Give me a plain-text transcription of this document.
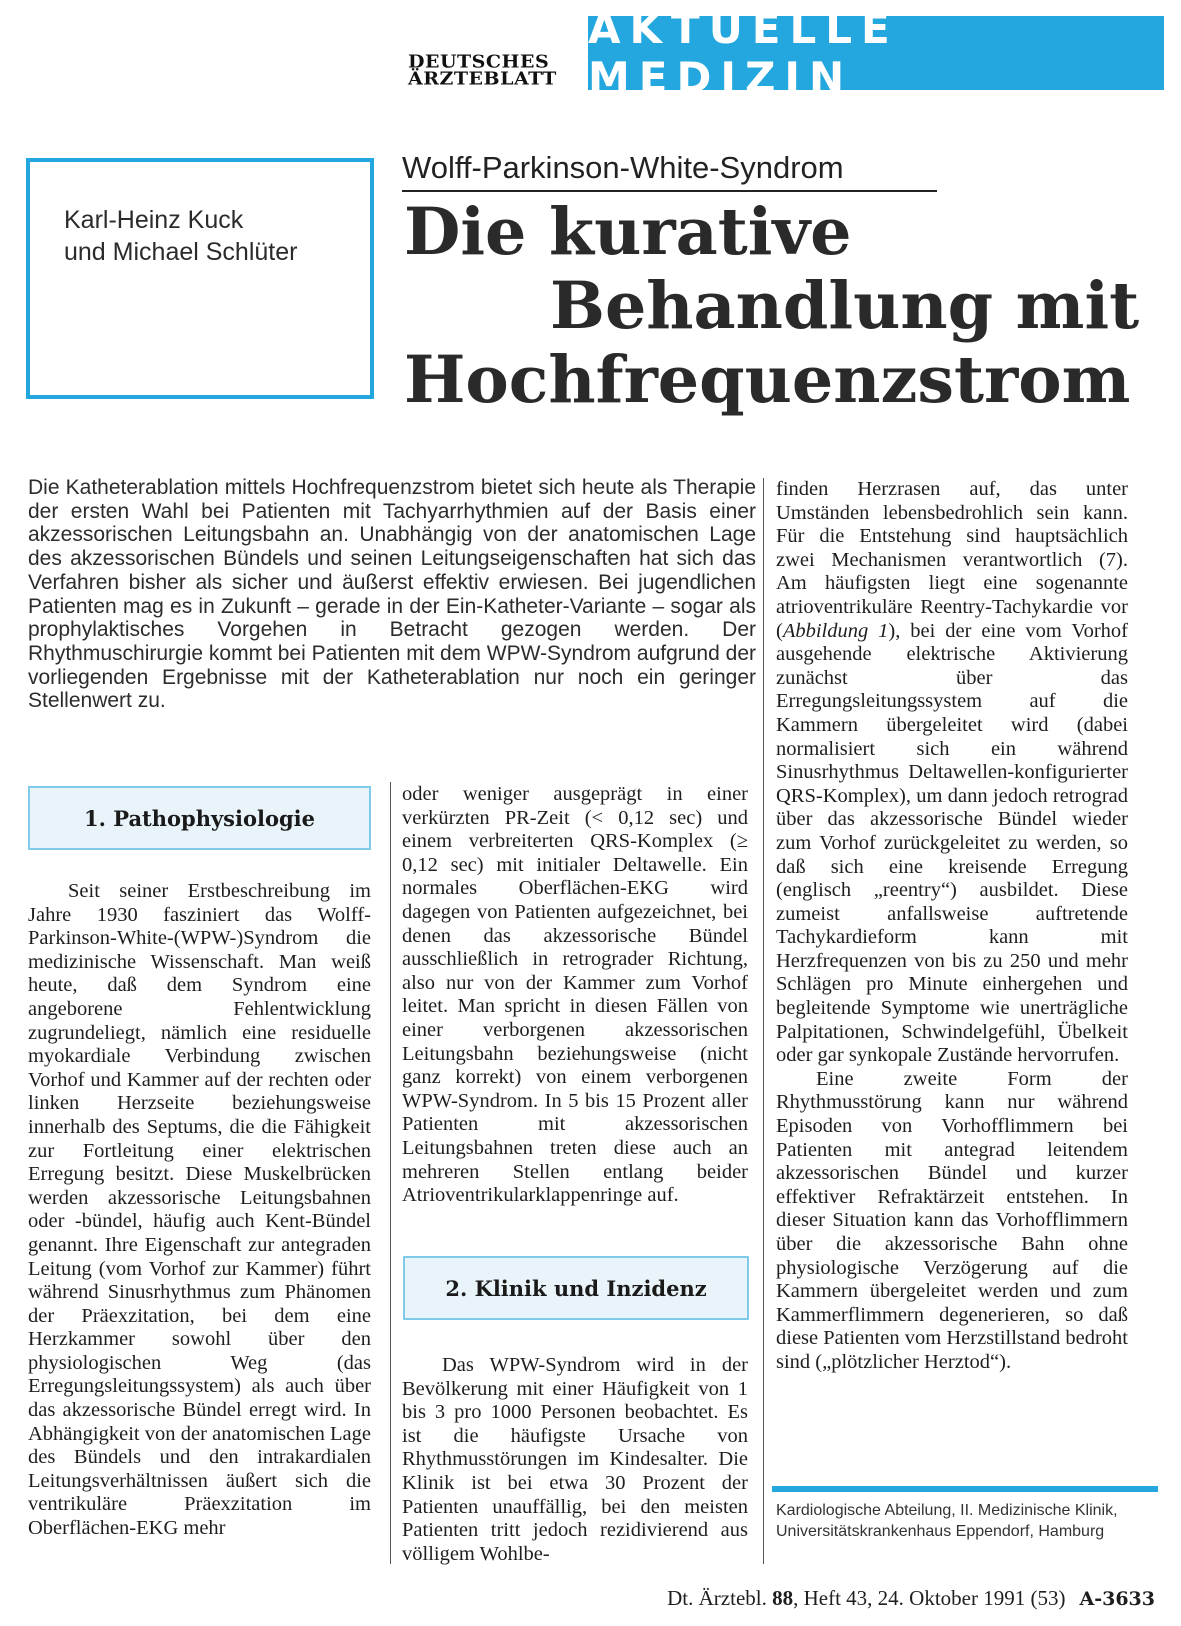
DEUTSCHES
ÄRZTEBLATT
AKTUELLE MEDIZIN
Karl-Heinz Kuck
und Michael Schlüter
Wolff-Parkinson-White-Syndrom
Die kurative
Behandlung mit
Hochfrequenzstrom
Die Katheterablation mittels Hochfrequenzstrom bietet sich heute als Therapie der ersten Wahl bei Patienten mit Tachyarrhythmien auf der Basis einer akzessorischen Leitungsbahn an. Unabhängig von der anatomischen Lage des akzessorischen Bündels und seinen Leitungseigenschaften hat sich das Verfahren bisher als sicher und äußerst effektiv erwiesen. Bei jugendlichen Patienten mag es in Zukunft – gerade in der Ein-Katheter-Variante – sogar als prophylaktisches Vorgehen in Betracht gezogen werden. Der Rhythmuschirurgie kommt bei Patienten mit dem WPW-Syndrom aufgrund der vorliegenden Ergebnisse mit der Katheterablation nur noch ein geringer Stellenwert zu.
1. Pathophysiologie

Seit seiner Erstbeschreibung im Jahre 1930 fasziniert das Wolff-Parkinson-White-(WPW-)Syndrom die medizinische Wissenschaft. Man weiß heute, daß dem Syndrom eine angeborene Fehlentwicklung zugrundeliegt, nämlich eine residuelle myokardiale Verbindung zwischen Vorhof und Kammer auf der rechten oder linken Herzseite beziehungsweise innerhalb des Septums, die die Fähigkeit zur Fortleitung einer elektrischen Erregung besitzt. Diese Muskelbrücken werden akzessorische Leitungsbahnen oder -bündel, häufig auch Kent-Bündel genannt. Ihre Eigenschaft zur antegraden Leitung (vom Vorhof zur Kammer) führt während Sinusrhythmus zum Phänomen der Präexzitation, bei dem eine Herzkammer sowohl über den physiologischen Weg (das Erregungsleitungssystem) als auch über das akzessorische Bündel erregt wird. In Abhängigkeit von der anatomischen Lage des Bündels und den intrakardialen Leitungsverhältnissen äußert sich die ventrikuläre Präexzitation im Oberflächen-EKG mehr

oder weniger ausgeprägt in einer verkürzten PR-Zeit (< 0,12 sec) und einem verbreiterten QRS-Komplex (≥ 0,12 sec) mit initialer Deltawelle. Ein normales Oberflächen-EKG wird dagegen von Patienten aufgezeichnet, bei denen das akzessorische Bündel ausschließlich in retrograder Richtung, also nur von der Kammer zum Vorhof leitet. Man spricht in diesen Fällen von einer verborgenen akzessorischen Leitungsbahn beziehungsweise (nicht ganz korrekt) von einem verborgenen WPW-Syndrom. In 5 bis 15 Prozent aller Patienten mit akzessorischen Leitungsbahnen treten diese auch an mehreren Stellen entlang beider Atrioventrikularklappenringe auf.

2. Klinik und Inzidenz

Das WPW-Syndrom wird in der Bevölkerung mit einer Häufigkeit von 1 bis 3 pro 1000 Personen beobachtet. Es ist die häufigste Ursache von Rhythmusstörungen im Kindesalter. Die Klinik ist bei etwa 30 Prozent der Patienten unauffällig, bei den meisten Patienten tritt jedoch rezidivierend aus völligem Wohlbe-

finden Herzrasen auf, das unter Umständen lebensbedrohlich sein kann. Für die Entstehung sind hauptsächlich zwei Mechanismen verantwortlich (7). Am häufigsten liegt eine sogenannte atrioventrikuläre Reentry-Tachykardie vor (Abbildung 1), bei der eine vom Vorhof ausgehende elektrische Aktivierung zunächst über das Erregungsleitungssystem auf die Kammern übergeleitet wird (dabei normalisiert sich ein während Sinusrhythmus Deltawellen-konfigurierter QRS-Komplex), um dann jedoch retrograd über das akzessorische Bündel wieder zum Vorhof zurückgeleitet zu werden, so daß sich eine kreisende Erregung (englisch „reentry“) ausbildet. Diese zumeist anfallsweise auftretende Tachykardieform kann mit Herzfrequenzen von bis zu 250 und mehr Schlägen pro Minute einhergehen und begleitende Symptome wie unerträgliche Palpitationen, Schwindelgefühl, Übelkeit oder gar synkopale Zustände hervorrufen.

Eine zweite Form der Rhythmusstörung kann nur während Episoden von Vorhofflimmern bei Patienten mit antegrad leitendem akzessorischen Bündel und kurzer effektiver Refraktärzeit entstehen. In dieser Situation kann das Vorhofflimmern über die akzessorische Bahn ohne physiologische Verzögerung auf die Kammern übergeleitet werden und zum Kammerflimmern degenerieren, so daß diese Patienten vom Herzstillstand bedroht sind („plötzlicher Herztod“).

Kardiologische Abteilung, II. Medizinische Klinik, Universitätskrankenhaus Eppendorf, Hamburg
Dt. Ärztebl. 88, Heft 43, 24. Oktober 1991 (53) A-3633
